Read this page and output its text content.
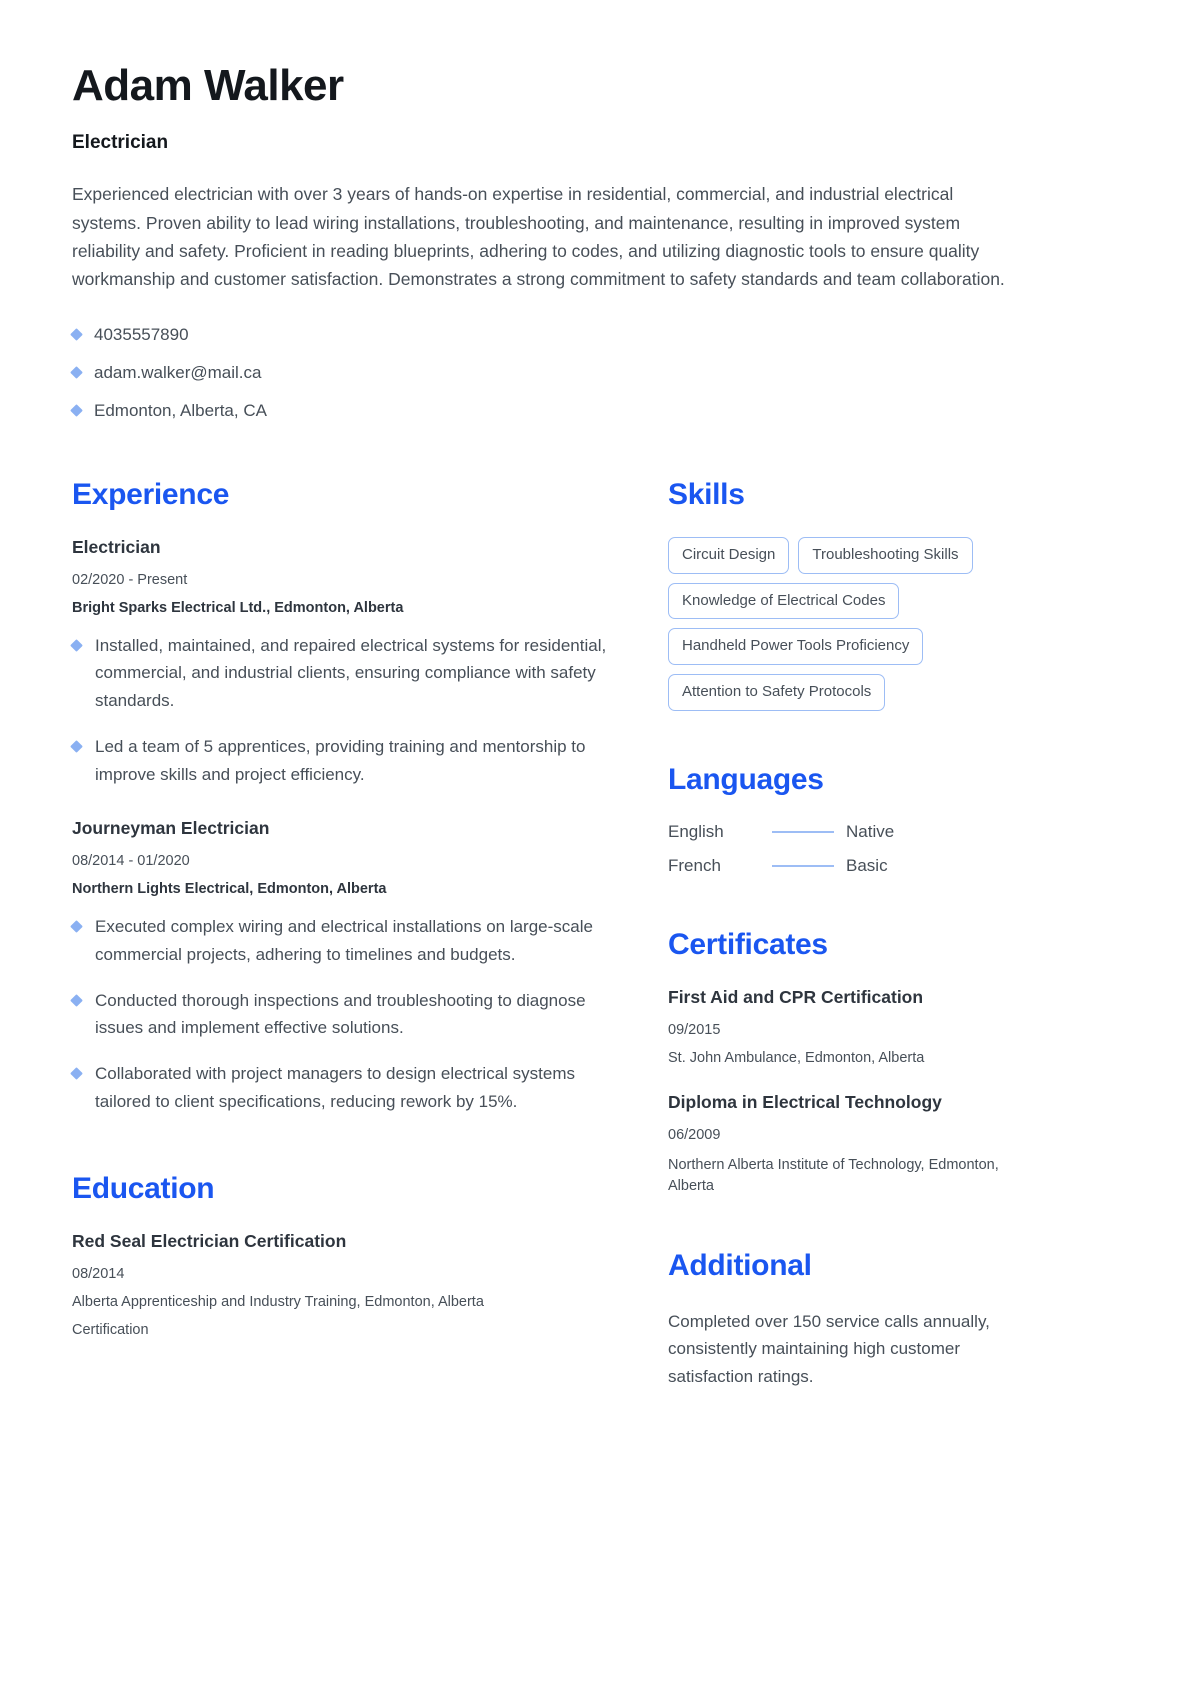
Adam Walker
Electrician

Experienced electrician with over 3 years of hands-on expertise in residential, commercial, and industrial electrical systems. Proven ability to lead wiring installations, troubleshooting, and maintenance, resulting in improved system reliability and safety. Proficient in reading blueprints, adhering to codes, and utilizing diagnostic tools to ensure quality workmanship and customer satisfaction. Demonstrates a strong commitment to safety standards and team collaboration.

4035557890
adam.walker@mail.ca
Edmonton, Alberta, CA
Experience
Electrician
02/2020 - Present
Bright Sparks Electrical Ltd., Edmonton, Alberta
Installed, maintained, and repaired electrical systems for residential, commercial, and industrial clients, ensuring compliance with safety standards.
Led a team of 5 apprentices, providing training and mentorship to improve skills and project efficiency.
Journeyman Electrician
08/2014 - 01/2020
Northern Lights Electrical, Edmonton, Alberta
Executed complex wiring and electrical installations on large-scale commercial projects, adhering to timelines and budgets.
Conducted thorough inspections and troubleshooting to diagnose issues and implement effective solutions.
Collaborated with project managers to design electrical systems tailored to client specifications, reducing rework by 15%.
Education
Red Seal Electrician Certification
08/2014
Alberta Apprenticeship and Industry Training, Edmonton, Alberta
Certification
Skills
Circuit Design	Troubleshooting Skills
Knowledge of Electrical Codes
Handheld Power Tools Proficiency
Attention to Safety Protocols
Languages
English	Native
French	Basic
Certificates
First Aid and CPR Certification
09/2015
St. John Ambulance, Edmonton, Alberta
Diploma in Electrical Technology
06/2009
Northern Alberta Institute of Technology, Edmonton, Alberta
Additional

Completed over 150 service calls annually, consistently maintaining high customer satisfaction ratings.
